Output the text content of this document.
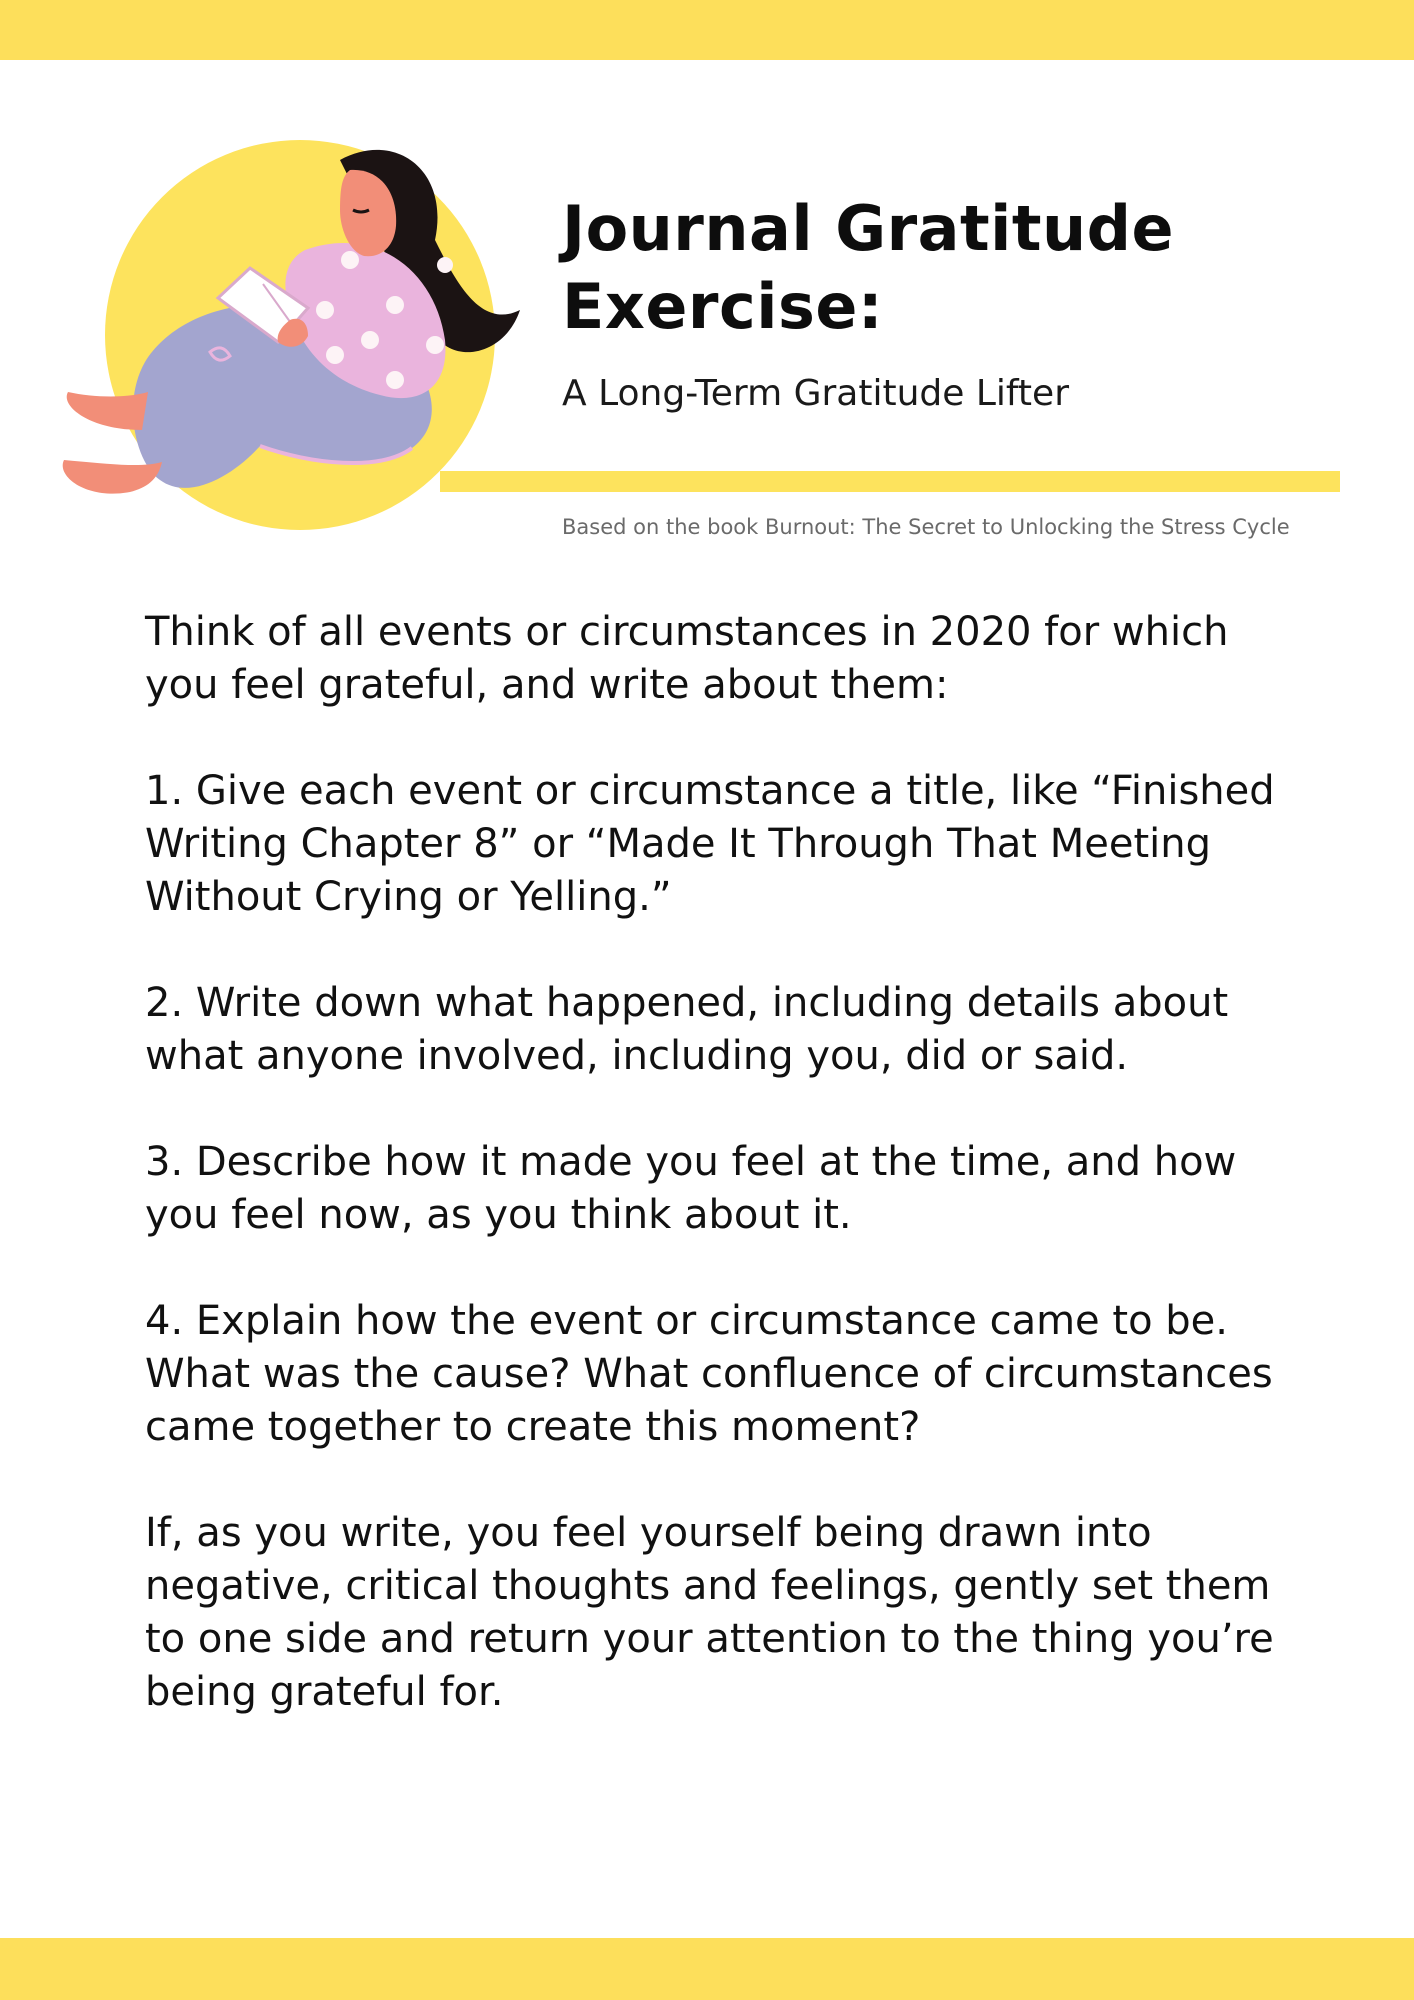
Journal Gratitude
Exercise:

A Long-Term Gratitude Lifter

Based on the book Burnout: The Secret to Unlocking the Stress Cycle

Think of all events or circumstances in 2020 for which you feel grateful, and write about them:

1. Give each event or circumstance a title, like “Finished Writing Chapter 8” or “Made It Through That Meeting Without Crying or Yelling.”

2. Write down what happened, including details about what anyone involved, including you, did or said.

3. Describe how it made you feel at the time, and how you feel now, as you think about it.

4. Explain how the event or circumstance came to be. What was the cause? What confluence of circumstances came together to create this moment?

If, as you write, you feel yourself being drawn into negative, critical thoughts and feelings, gently set them to one side and return your attention to the thing you’re being grateful for.
